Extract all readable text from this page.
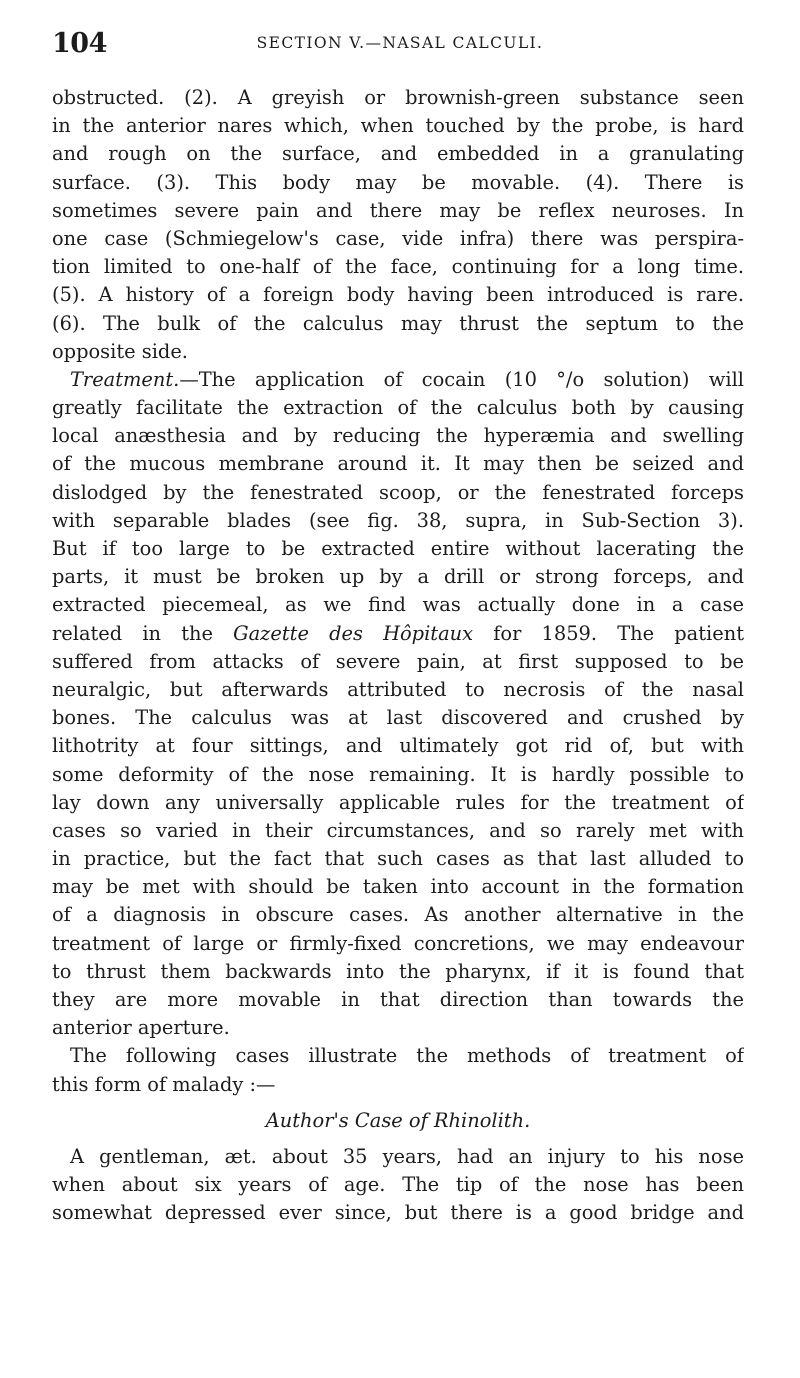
104	SECTION V.—NASAL CALCULI.
obstructed. (2). A greyish or brownish-green substance seen
in the anterior nares which, when touched by the probe, is hard
and rough on the surface, and embedded in a granulating
surface. (3). This body may be movable. (4). There is
sometimes severe pain and there may be reflex neuroses. In
one case (Schmiegelow's case, vide infra) there was perspira-
tion limited to one-half of the face, continuing for a long time.
(5). A history of a foreign body having been introduced is rare.
(6). The bulk of the calculus may thrust the septum to the
opposite side.
Treatment.—The application of cocain (10 °/o solution) will
greatly facilitate the extraction of the calculus both by causing
local anæsthesia and by reducing the hyperæmia and swelling
of the mucous membrane around it. It may then be seized and
dislodged by the fenestrated scoop, or the fenestrated forceps
with separable blades (see fig. 38, supra, in Sub-Section 3).
But if too large to be extracted entire without lacerating the
parts, it must be broken up by a drill or strong forceps, and
extracted piecemeal, as we find was actually done in a case
related in the Gazette des Hôpitaux for 1859. The patient
suffered from attacks of severe pain, at first supposed to be
neuralgic, but afterwards attributed to necrosis of the nasal
bones. The calculus was at last discovered and crushed by
lithotrity at four sittings, and ultimately got rid of, but with
some deformity of the nose remaining. It is hardly possible to
lay down any universally applicable rules for the treatment of
cases so varied in their circumstances, and so rarely met with
in practice, but the fact that such cases as that last alluded to
may be met with should be taken into account in the formation
of a diagnosis in obscure cases. As another alternative in the
treatment of large or firmly-fixed concretions, we may endeavour
to thrust them backwards into the pharynx, if it is found that
they are more movable in that direction than towards the
anterior aperture.
The following cases illustrate the methods of treatment of
this form of malady :—
Author's Case of Rhinolith.
A gentleman, æt. about 35 years, had an injury to his nose
when about six years of age. The tip of the nose has been
somewhat depressed ever since, but there is a good bridge and
